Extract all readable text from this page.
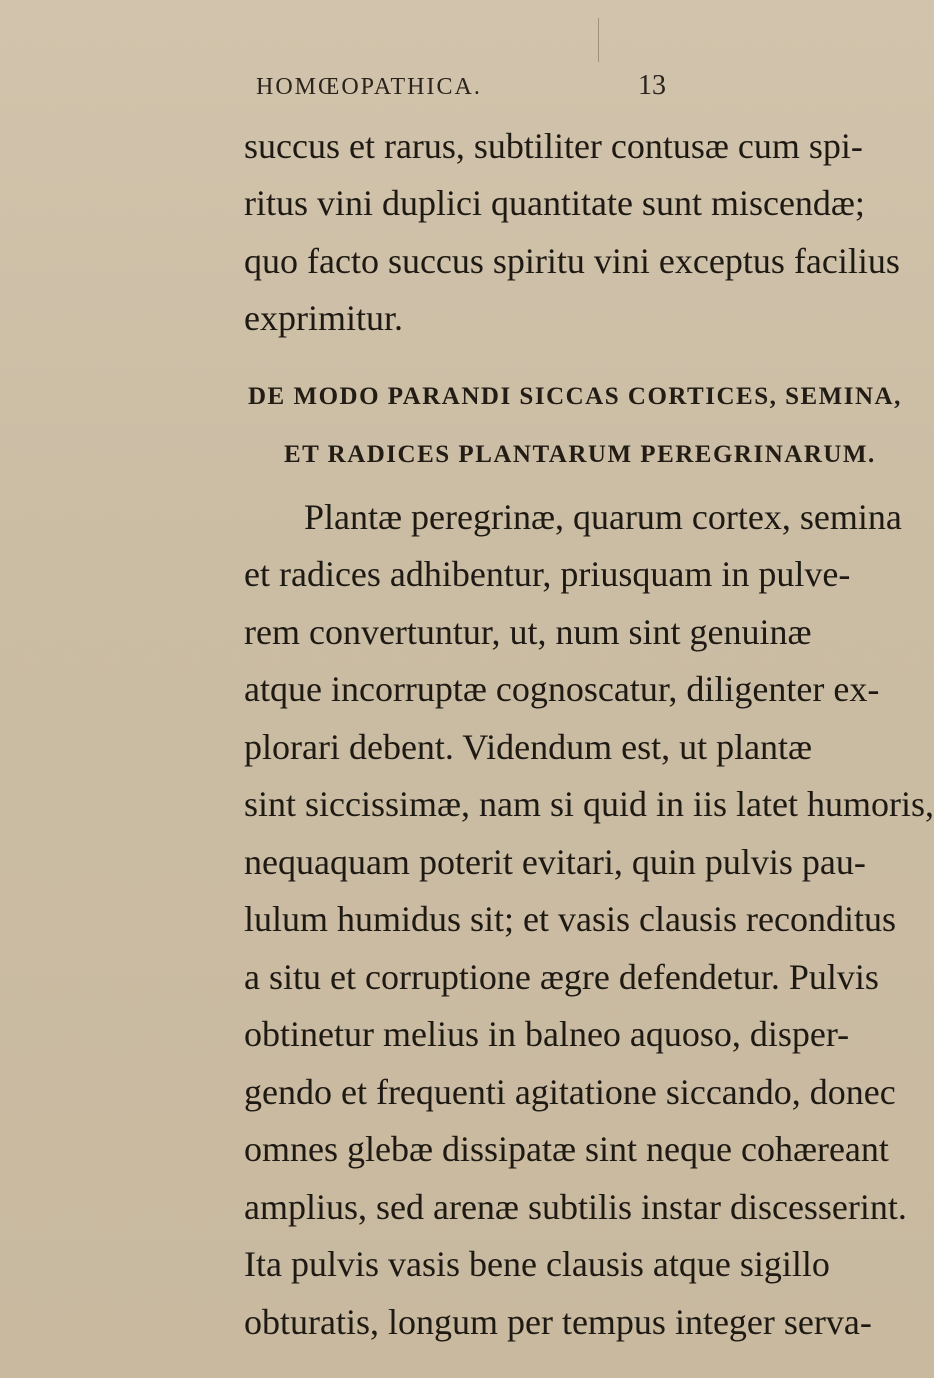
HOMŒOPATHICA.	13
succus et rarus, subtiliter contusæ cum spi-
ritus vini duplici quantitate sunt miscendæ;
quo facto succus spiritu vini exceptus facilius
exprimitur.
DE MODO PARANDI SICCAS CORTICES, SEMINA,
ET RADICES PLANTARUM PEREGRINARUM.
Plantæ peregrinæ, quarum cortex, semina
et radices adhibentur, priusquam in pulve-
rem convertuntur, ut, num sint genuinæ
atque incorruptæ cognoscatur, diligenter ex-
plorari debent. Videndum est, ut plantæ
sint siccissimæ, nam si quid in iis latet humoris,
nequaquam poterit evitari, quin pulvis pau-
lulum humidus sit; et vasis clausis reconditus
a situ et corruptione ægre defendetur. Pulvis
obtinetur melius in balneo aquoso, disper-
gendo et frequenti agitatione siccando, donec
omnes glebæ dissipatæ sint neque cohæreant
amplius, sed arenæ subtilis instar discesserint.
Ita pulvis vasis bene clausis atque sigillo
obturatis, longum per tempus integer serva-
